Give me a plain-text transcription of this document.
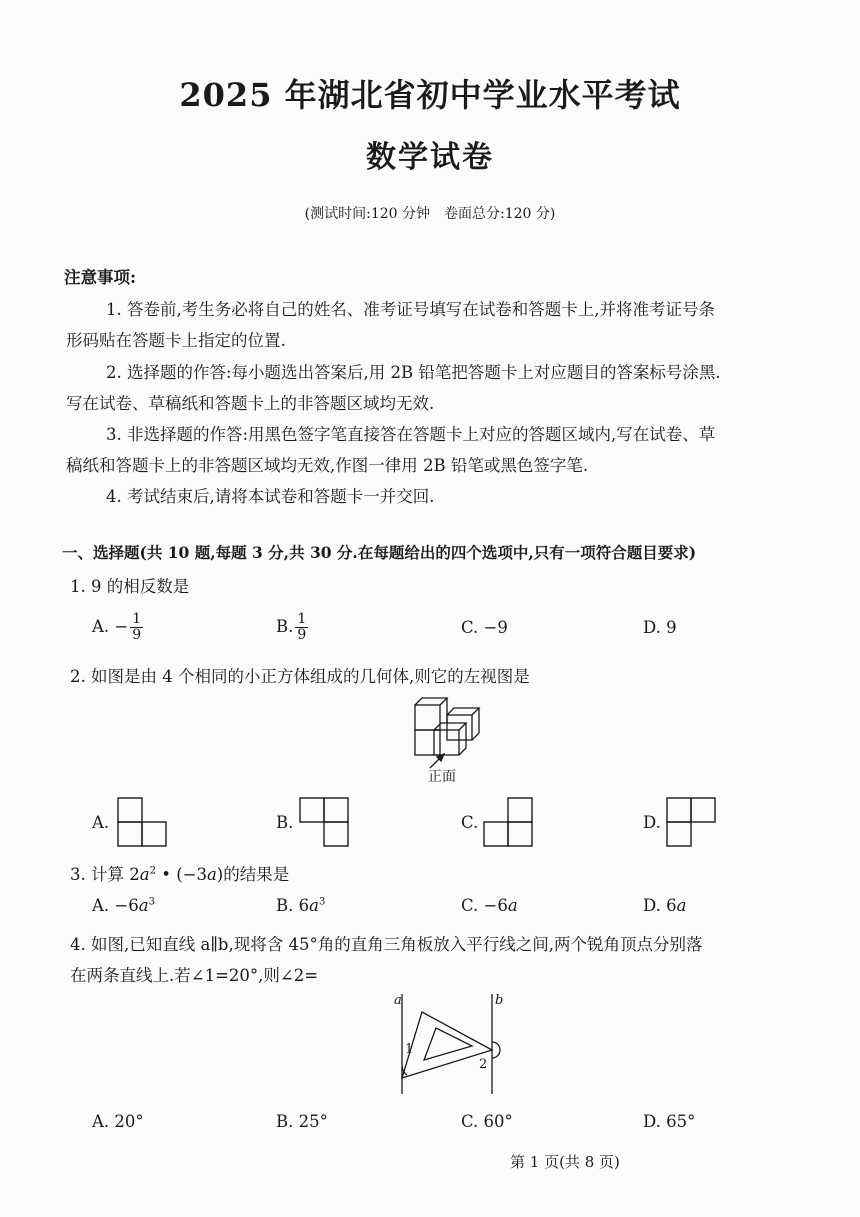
2025 年湖北省初中学业水平考试
数学试卷
(测试时间:120 分钟　卷面总分:120 分)
注意事项:
1. 答卷前,考生务必将自己的姓名、准考证号填写在试卷和答题卡上,并将准考证号条
形码贴在答题卡上指定的位置.
2. 选择题的作答:每小题选出答案后,用 2B 铅笔把答题卡上对应题目的答案标号涂黑.
写在试卷、草稿纸和答题卡上的非答题区域均无效.
3. 非选择题的作答:用黑色签字笔直接答在答题卡上对应的答题区域内,写在试卷、草
稿纸和答题卡上的非答题区域均无效,作图一律用 2B 铅笔或黑色签字笔.
4. 考试结束后,请将本试卷和答题卡一并交回.
一、选择题(共 10 题,每题 3 分,共 30 分.在每题给出的四个选项中,只有一项符合题目要求)
1. 9 的相反数是
A. − $\frac{1}{9}$	B. $\frac{1}{9}$	C. −9	D. 9
2. 如图是由 4 个相同的小正方体组成的几何体,则它的左视图是
正面
A.	B.	C.	D.
3. 计算 $2a^2$ • (−3a)的结果是
A. $-6a^3$	B. $6a^3$	C. −6a	D. 6a
4. 如图,已知直线 a∥b,现将含 45°角的直角三角板放入平行线之间,两个锐角顶点分别落
在两条直线上.若∠1=20°,则∠2=
a	b
1
2
A. 20°	B. 25°	C. 60°	D. 65°
第 1 页(共 8 页)
